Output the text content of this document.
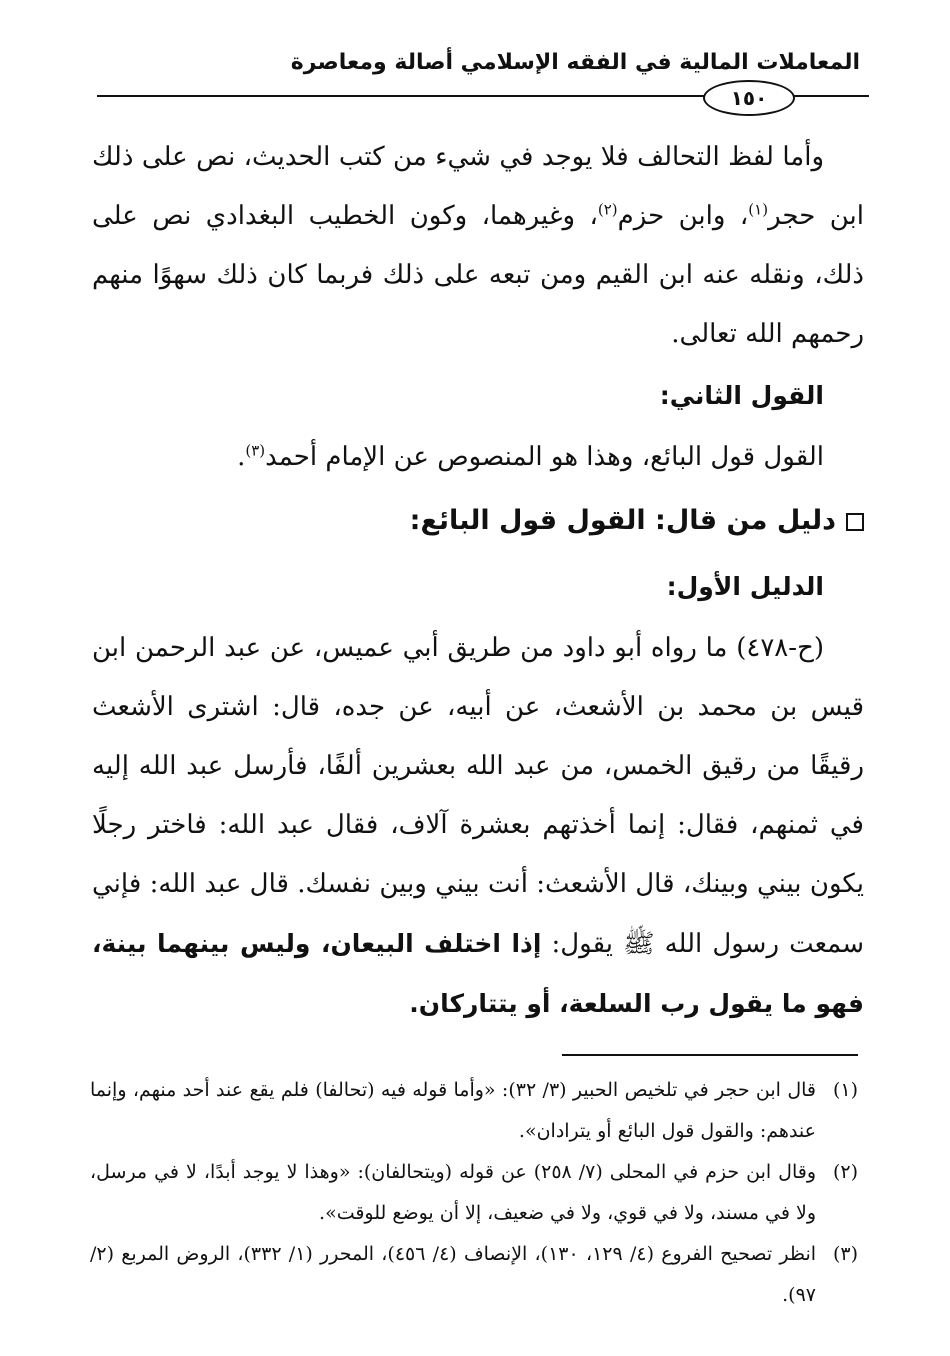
المعاملات المالية في الفقه الإسلامي أصالة ومعاصرة
١٥٠

وأما لفظ التحالف فلا يوجد في شيء من كتب الحديث، نص على ذلك ابن حجر$^{(١)}$، وابن حزم$^{(٢)}$، وغيرهما، وكون الخطيب البغدادي نص على ذلك، ونقله عنه ابن القيم ومن تبعه على ذلك فربما كان ذلك سهوًا منهم رحمهم الله تعالى.

القول الثاني:

القول قول البائع، وهذا هو المنصوص عن الإمام أحمد$^{(٣)}$.

دليل من قال: القول قول البائع:

الدليل الأول:

(ح-٤٧٨) ما رواه أبو داود من طريق أبي عميس، عن عبد الرحمن ابن قيس بن محمد بن الأشعث، عن أبيه، عن جده، قال: اشترى الأشعث رقيقًا من رقيق الخمس، من عبد الله بعشرين ألفًا، فأرسل عبد الله إليه في ثمنهم، فقال: إنما أخذتهم بعشرة آلاف، فقال عبد الله: فاختر رجلًا يكون بيني وبينك، قال الأشعث: أنت بيني وبين نفسك. قال عبد الله: فإني سمعت رسول الله ﷺ يقول: إذا اختلف البيعان، وليس بينهما بينة، فهو ما يقول رب السلعة، أو يتتاركان.

(١)
قال ابن حجر في تلخيص الحبير (٣/ ٣٢): «وأما قوله فيه (تحالفا) فلم يقع عند أحد منهم، وإنما عندهم: والقول قول البائع أو يترادان».

(٢)
وقال ابن حزم في المحلى (٧/ ٢٥٨) عن قوله (ويتحالفان): «وهذا لا يوجد أبدًا، لا في مرسل، ولا في مسند، ولا في قوي، ولا في ضعيف، إلا أن يوضع للوقت».

(٣)
انظر تصحيح الفروع (٤/ ١٢٩، ١٣٠)، الإنصاف (٤/ ٤٥٦)، المحرر (١/ ٣٣٢)، الروض المربع (٢/ ٩٧).
